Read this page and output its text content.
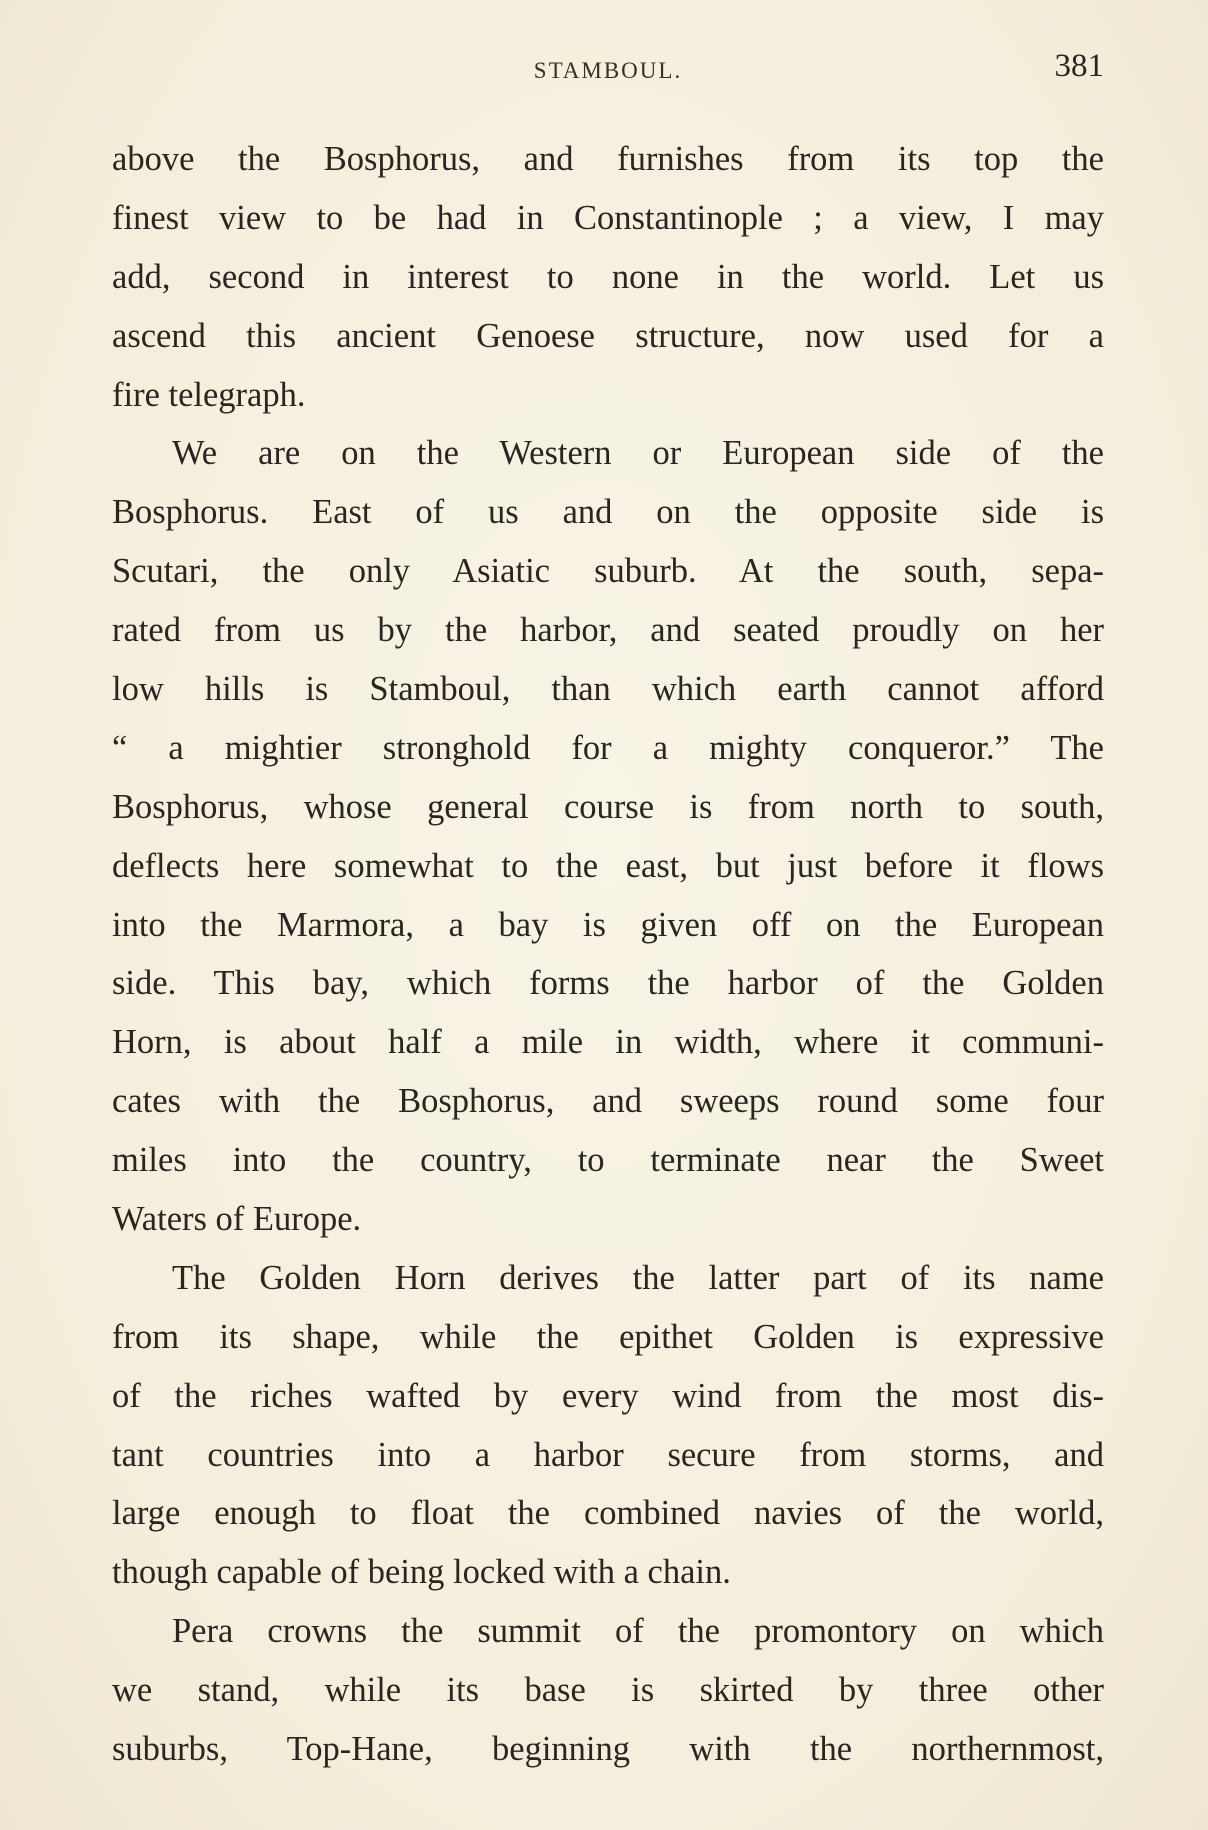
STAMBOUL.	381
above the Bosphorus, and furnishes from its top the
finest view to be had in Constantinople ; a view, I may
add, second in interest to none in the world. Let us
ascend this ancient Genoese structure, now used for a
fire telegraph.
We are on the Western or European side of the
Bosphorus. East of us and on the opposite side is
Scutari, the only Asiatic suburb. At the south, sepa-
rated from us by the harbor, and seated proudly on her
low hills is Stamboul, than which earth cannot afford
“ a mightier stronghold for a mighty conqueror.” The
Bosphorus, whose general course is from north to south,
deflects here somewhat to the east, but just before it flows
into the Marmora, a bay is given off on the European
side. This bay, which forms the harbor of the Golden
Horn, is about half a mile in width, where it communi-
cates with the Bosphorus, and sweeps round some four
miles into the country, to terminate near the Sweet
Waters of Europe.
The Golden Horn derives the latter part of its name
from its shape, while the epithet Golden is expressive
of the riches wafted by every wind from the most dis-
tant countries into a harbor secure from storms, and
large enough to float the combined navies of the world,
though capable of being locked with a chain.
Pera crowns the summit of the promontory on which
we stand, while its base is skirted by three other
suburbs, Top-Hane, beginning with the northernmost,
